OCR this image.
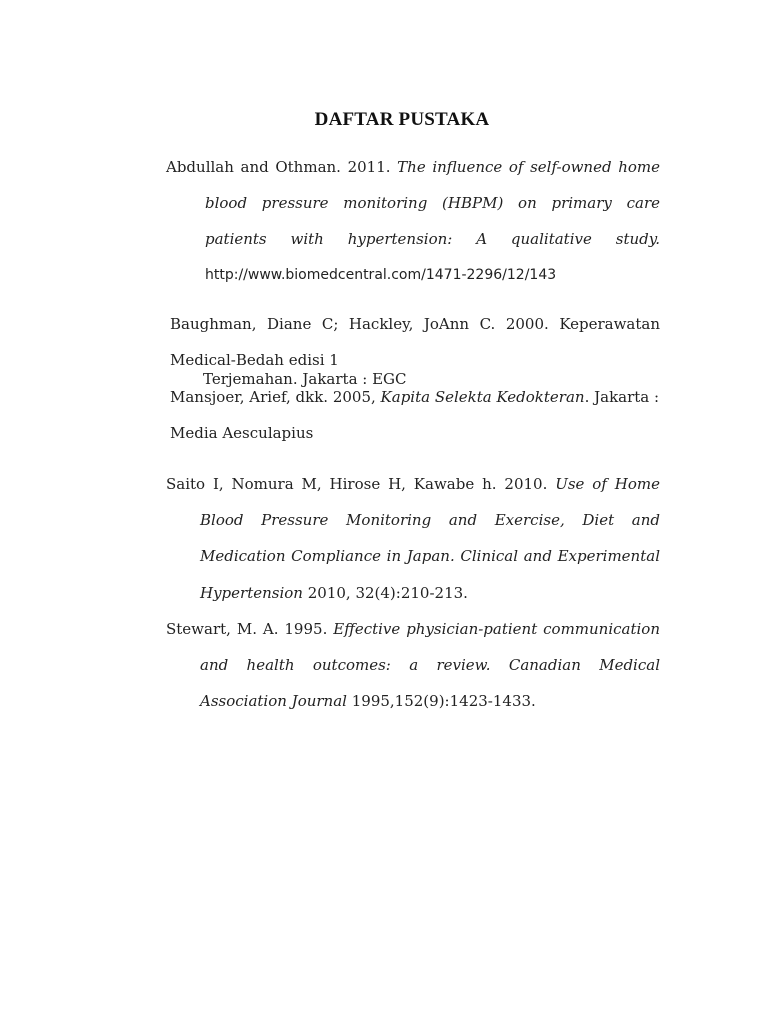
DAFTAR PUSTAKA
Abdullah and Othman. 2011. The influence of self-owned home
blood pressure monitoring (HBPM) on primary care
patients with hypertension: A qualitative study.
http://www.biomedcentral.com/1471-2296/12/143
Baughman, Diane C; Hackley, JoAnn C. 2000. Keperawatan
Medical-Bedah edisi 1
Terjemahan. Jakarta : EGC
Mansjoer, Arief, dkk. 2005, Kapita Selekta Kedokteran. Jakarta :
Media Aesculapius
Saito I, Nomura M, Hirose H, Kawabe h. 2010. Use of Home
Blood Pressure Monitoring and Exercise, Diet and
Medication Compliance in Japan. Clinical and Experimental
Hypertension 2010, 32(4):210-213.
Stewart, M. A. 1995. Effective physician-patient communication
and health outcomes: a review. Canadian Medical
Association Journal 1995,152(9):1423-1433.
